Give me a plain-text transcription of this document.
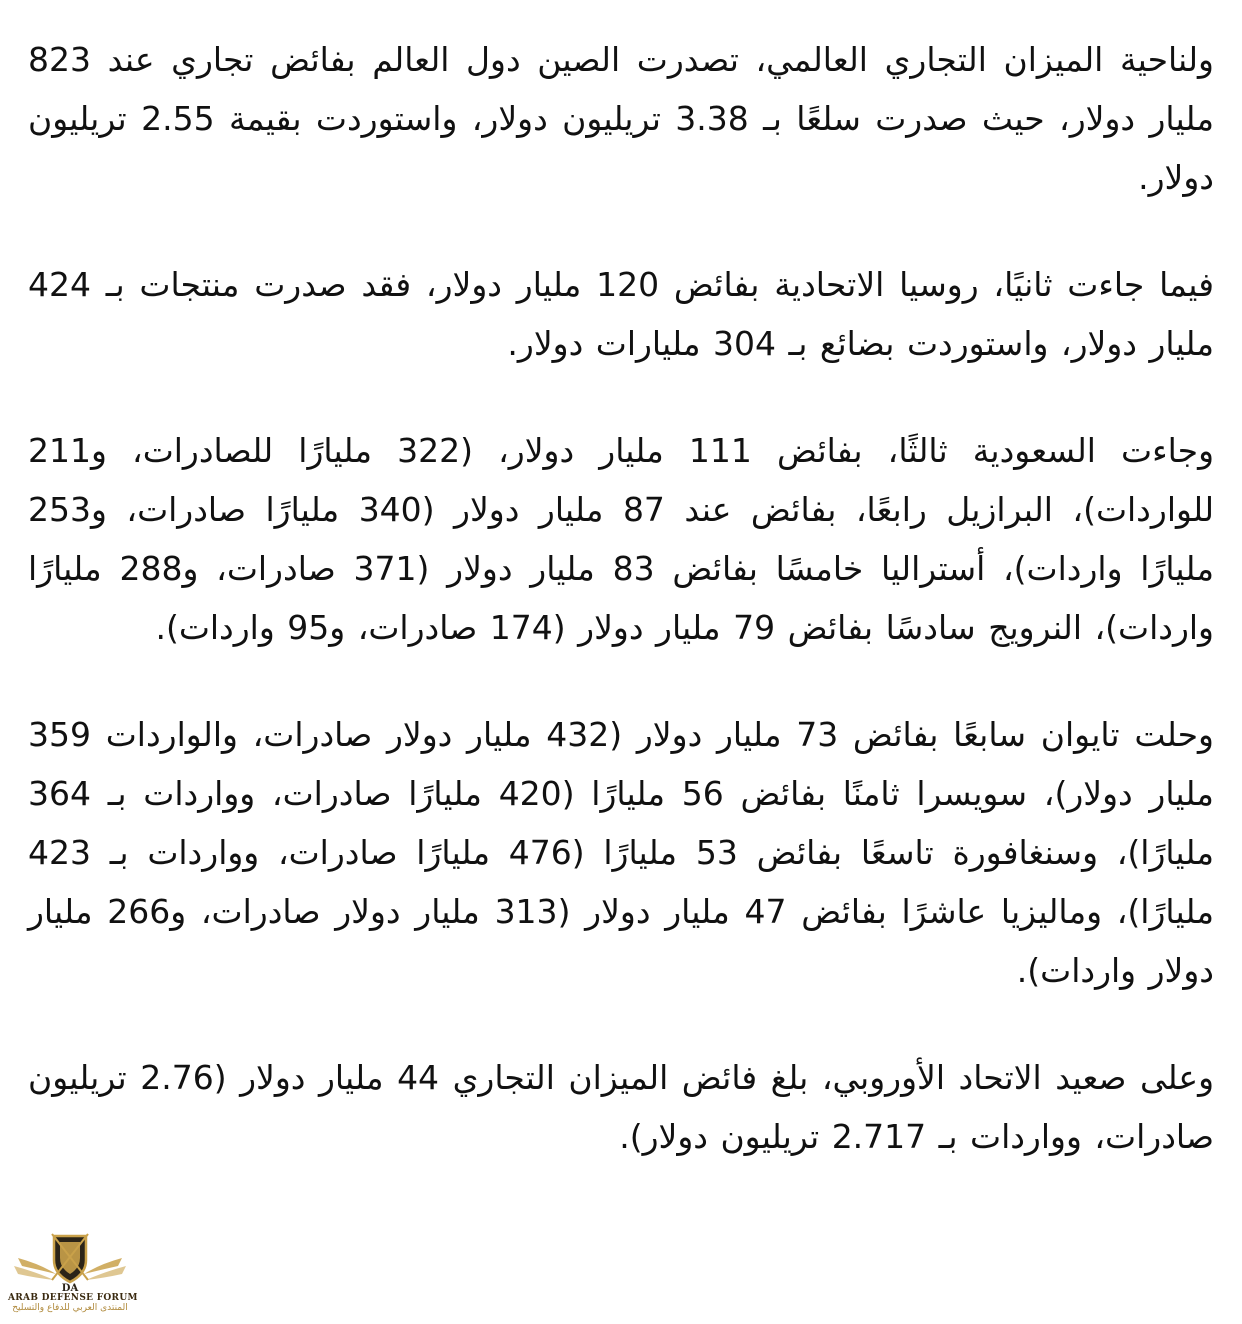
ولناحية الميزان التجاري العالمي، تصدرت الصين دول العالم بفائض تجاري عند 823 مليار دولار، حيث صدرت سلعًا بـ 3.38 تريليون دولار، واستوردت بقيمة 2.55 تريليون دولار.

فيما جاءت ثانيًا، روسيا الاتحادية بفائض 120 مليار دولار، فقد صدرت منتجات بـ 424 مليار دولار، واستوردت بضائع بـ 304 مليارات دولار.

وجاءت السعودية ثالثًا، بفائض 111 مليار دولار، (322 مليارًا للصادرات، و211 للواردات)، البرازيل رابعًا، بفائض عند 87 مليار دولار (340 مليارًا صادرات، و253 مليارًا واردات)، أستراليا خامسًا بفائض 83 مليار دولار (371 صادرات، و288 مليارًا واردات)، النرويج سادسًا بفائض 79 مليار دولار (174 صادرات، و95 واردات).

وحلت تايوان سابعًا بفائض 73 مليار دولار (432 مليار دولار صادرات، والواردات 359 مليار دولار)، سويسرا ثامنًا بفائض 56 مليارًا (420 مليارًا صادرات، وواردات بـ 364 مليارًا)، وسنغافورة تاسعًا بفائض 53 مليارًا (476 مليارًا صادرات، وواردات بـ 423 مليارًا)، وماليزيا عاشرًا بفائض 47 مليار دولار (313 مليار دولار صادرات، و266 مليار دولار واردات).

وعلى صعيد الاتحاد الأوروبي، بلغ فائض الميزان التجاري 44 مليار دولار (2.76 تريليون صادرات، وواردات بـ 2.717 تريليون دولار).

DA
ARAB DEFENSE FORUM
المنتدى العربي للدفاع والتسليح
